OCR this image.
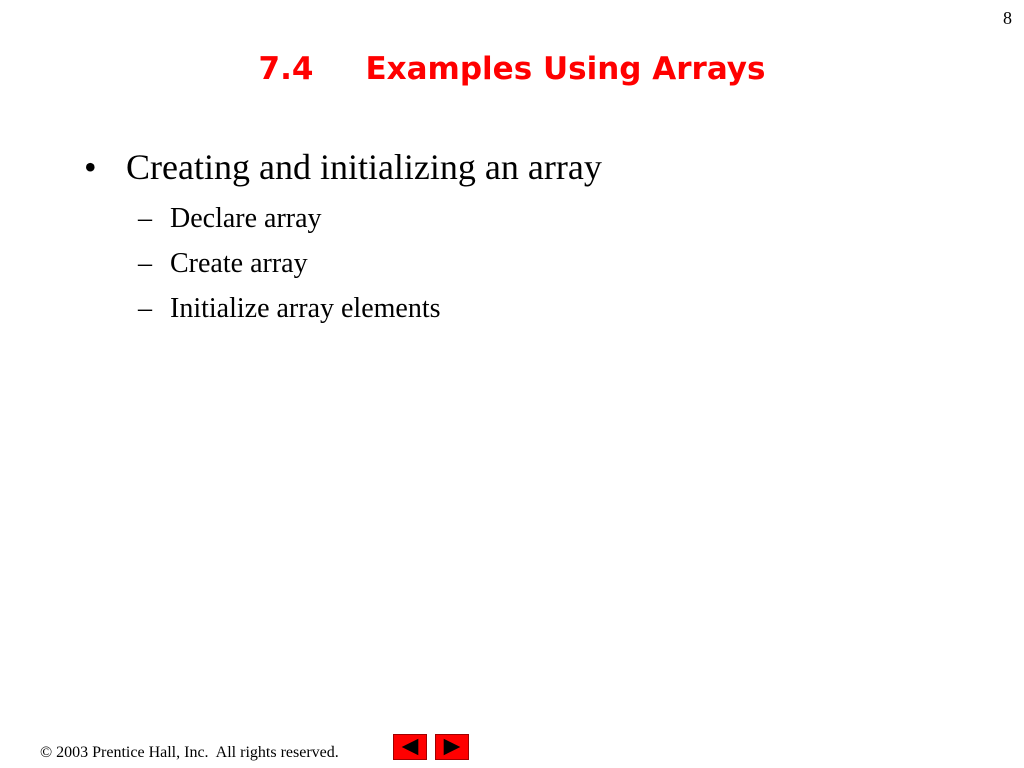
8
7.4 Examples Using Arrays
• Creating and initializing an array
– Declare array
– Create array
– Initialize array elements
© 2003 Prentice Hall, Inc.  All rights reserved.
